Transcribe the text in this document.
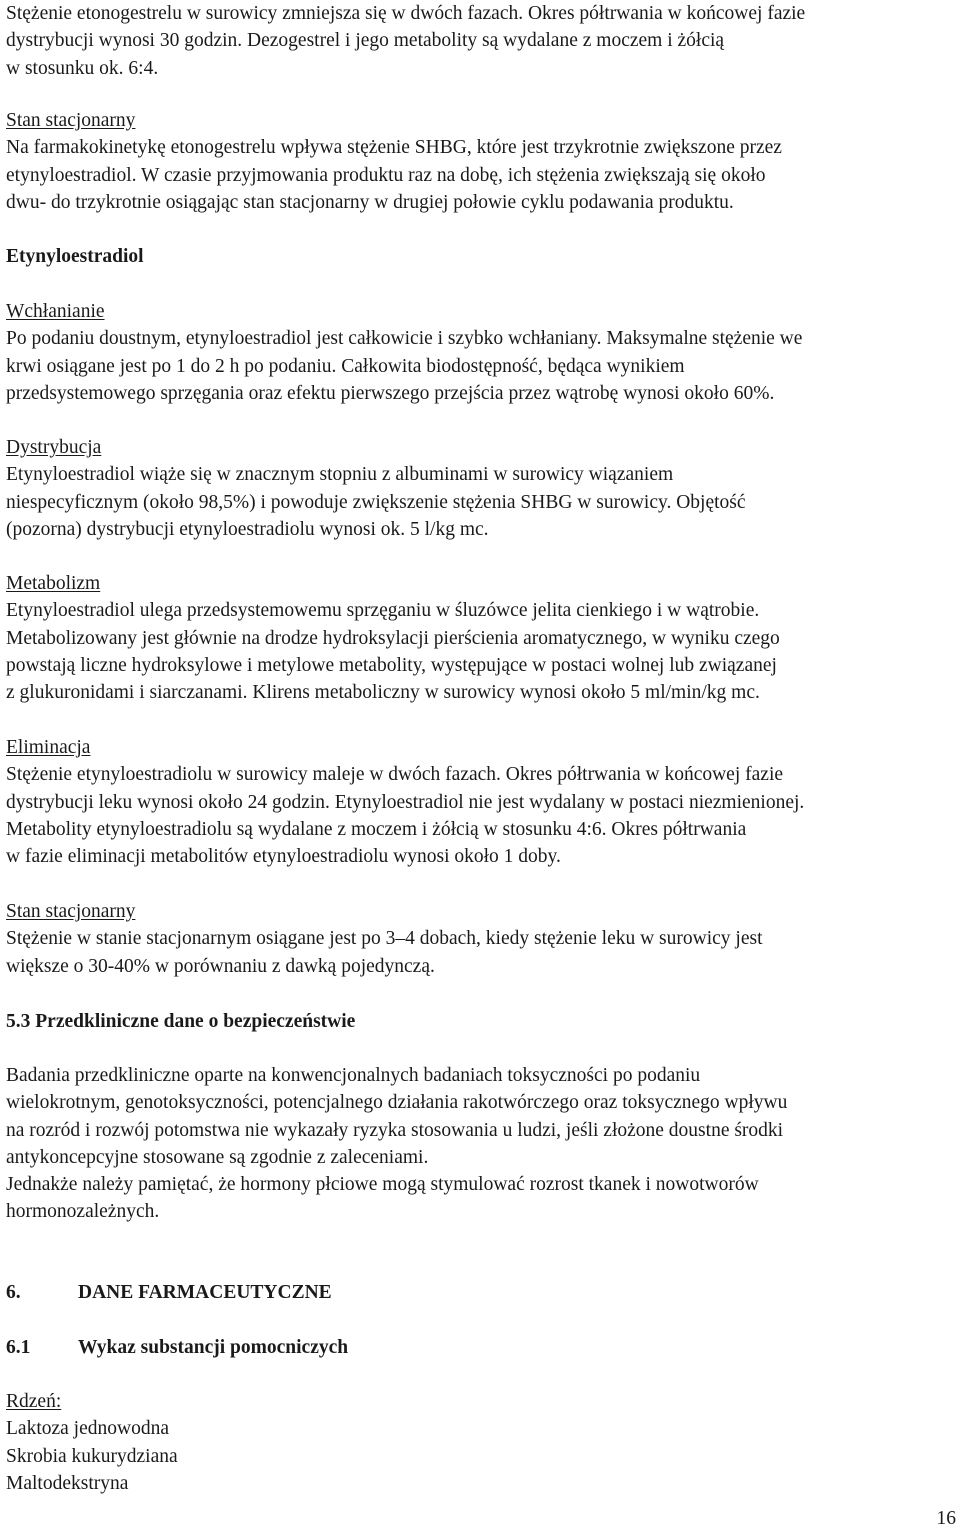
Stężenie etonogestrelu w surowicy zmniejsza się w dwóch fazach. Okres półtrwania w końcowej fazie
dystrybucji wynosi 30 godzin. Dezogestrel i jego metabolity są wydalane z moczem i żółcią
w stosunku ok. 6:4.

Stan stacjonarny
Na farmakokinetykę etonogestrelu wpływa stężenie SHBG, które jest trzykrotnie zwiększone przez
etynyloestradiol. W czasie przyjmowania produktu raz na dobę, ich stężenia zwiększają się około
dwu- do trzykrotnie osiągając stan stacjonarny w drugiej połowie cyklu podawania produktu.

Etynyloestradiol

Wchłanianie
Po podaniu doustnym, etynyloestradiol jest całkowicie i szybko wchłaniany. Maksymalne stężenie we
krwi osiągane jest po 1 do 2 h po podaniu. Całkowita biodostępność, będąca wynikiem
przedsystemowego sprzęgania oraz efektu pierwszego przejścia przez wątrobę wynosi około 60%.

Dystrybucja
Etynyloestradiol wiąże się w znacznym stopniu z albuminami w surowicy wiązaniem
niespecyficznym (około 98,5%) i powoduje zwiększenie stężenia SHBG w surowicy. Objętość
(pozorna) dystrybucji etynyloestradiolu wynosi ok. 5 l/kg mc.

Metabolizm
Etynyloestradiol ulega przedsystemowemu sprzęganiu w śluzówce jelita cienkiego i w wątrobie.
Metabolizowany jest głównie na drodze hydroksylacji pierścienia aromatycznego, w wyniku czego
powstają liczne hydroksylowe i metylowe metabolity, występujące w postaci wolnej lub związanej
z glukuronidami i siarczanami. Klirens metaboliczny w surowicy wynosi około 5 ml/min/kg mc.

Eliminacja
Stężenie etynyloestradiolu w surowicy maleje w dwóch fazach. Okres półtrwania w końcowej fazie
dystrybucji leku wynosi około 24 godzin. Etynyloestradiol nie jest wydalany w postaci niezmienionej.
Metabolity etynyloestradiolu są wydalane z moczem i żółcią w stosunku 4:6. Okres półtrwania
w fazie eliminacji metabolitów etynyloestradiolu wynosi około 1 doby.

Stan stacjonarny
Stężenie w stanie stacjonarnym osiągane jest po 3–4 dobach, kiedy stężenie leku w surowicy jest
większe o 30-40% w porównaniu z dawką pojedynczą.

5.3 Przedkliniczne dane o bezpieczeństwie

Badania przedkliniczne oparte na konwencjonalnych badaniach toksyczności po podaniu
wielokrotnym, genotoksyczności, potencjalnego działania rakotwórczego oraz toksycznego wpływu
na rozród i rozwój potomstwa nie wykazały ryzyka stosowania u ludzi, jeśli złożone doustne środki
antykoncepcyjne stosowane są zgodnie z zaleceniami.
Jednakże należy pamiętać, że hormony płciowe mogą stymulować rozrost tkanek i nowotworów
hormonozależnych.

6.	DANE FARMACEUTYCZNE

6.1 Wykaz substancji pomocniczych

Rdzeń:
Laktoza jednowodna
Skrobia kukurydziana
Maltodekstryna

16
